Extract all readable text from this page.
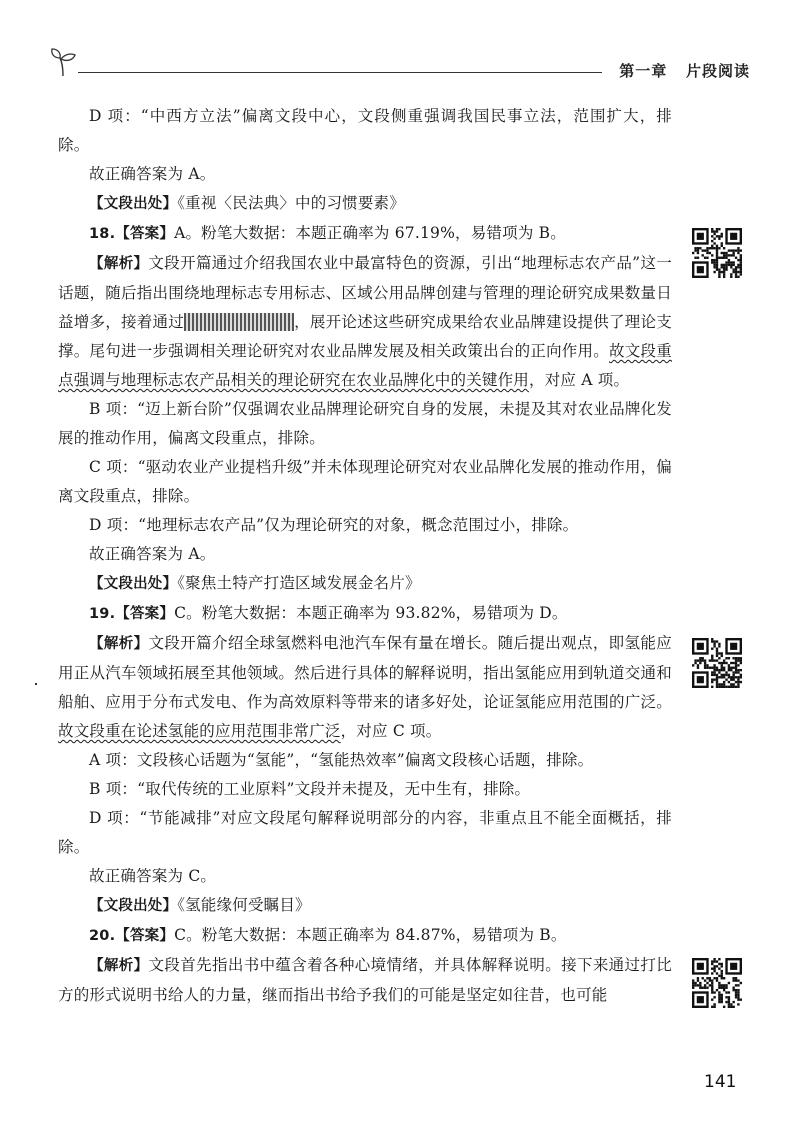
第一章 片段阅读

D 项：“中西方立法”偏离文段中心，文段侧重强调我国民事立法，范围扩大，排除。

故正确答案为 A。

【文段出处】《重视〈民法典〉中的习惯要素》

18.【答案】A。粉笔大数据：本题正确率为 67.19%，易错项为 B。

【解析】文段开篇通过介绍我国农业中最富特色的资源，引出“地理标志农产品”这一话题，随后指出围绕地理标志专用标志、区域公用品牌创建与管理的理论研究成果数量日益增多，接着通过	，展开论述这些研究成果给农业品牌建设提供了理论支撑。尾句进一步强调相关理论研究对农业品牌发展及相关政策出台的正向作用。故文段重点强调与地理标志农产品相关的理论研究在农业品牌化中的关键作用，对应 A 项。

B 项：“迈上新台阶”仅强调农业品牌理论研究自身的发展，未提及其对农业品牌化发展的推动作用，偏离文段重点，排除。

C 项：“驱动农业产业提档升级”并未体现理论研究对农业品牌化发展的推动作用，偏离文段重点，排除。

D 项：“地理标志农产品”仅为理论研究的对象，概念范围过小，排除。

故正确答案为 A。

【文段出处】《聚焦土特产打造区域发展金名片》

19.【答案】C。粉笔大数据：本题正确率为 93.82%，易错项为 D。

【解析】文段开篇介绍全球氢燃料电池汽车保有量在增长。随后提出观点，即氢能应用正从汽车领域拓展至其他领域。然后进行具体的解释说明，指出氢能应用到轨道交通和船舶、应用于分布式发电、作为高效原料等带来的诸多好处，论证氢能应用范围的广泛。故文段重在论述氢能的应用范围非常广泛，对应 C 项。

A 项：文段核心话题为“氢能”，“氢能热效率”偏离文段核心话题，排除。

B 项：“取代传统的工业原料”文段并未提及，无中生有，排除。

D 项：“节能减排”对应文段尾句解释说明部分的内容，非重点且不能全面概括，排除。

故正确答案为 C。

【文段出处】《氢能缘何受瞩目》

20.【答案】C。粉笔大数据：本题正确率为 84.87%，易错项为 B。

【解析】文段首先指出书中蕴含着各种心境情绪，并具体解释说明。接下来通过打比方的形式说明书给人的力量，继而指出书给予我们的可能是坚定如往昔，也可能

141
